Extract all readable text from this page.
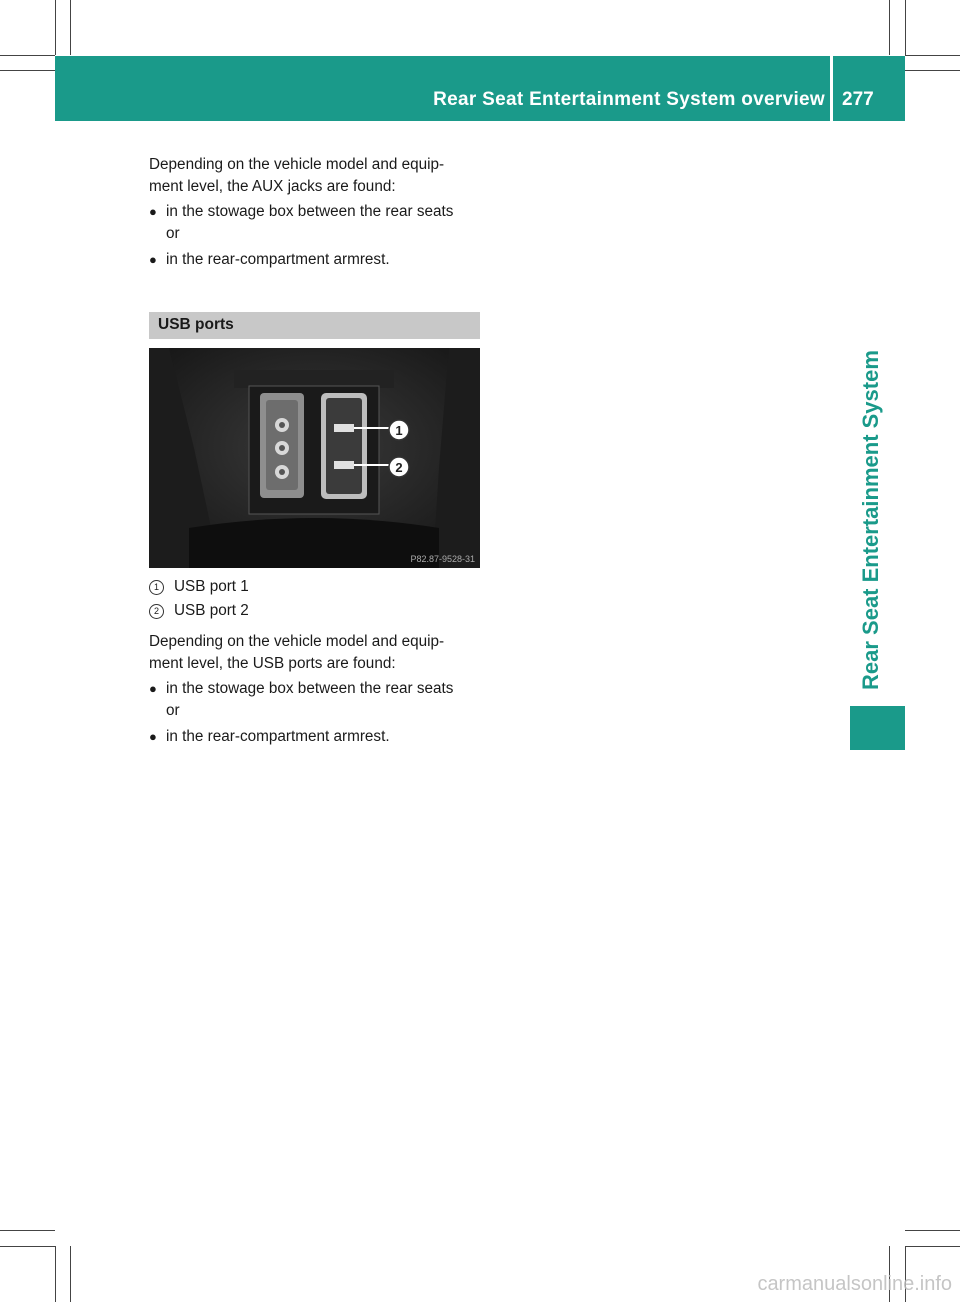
Rear Seat Entertainment System overview 277
Rear Seat Entertainment System

Depending on the vehicle model and equip-

ment level, the AUX jacks are found:

● in the stowage box between the rear seats

or

● in the rear-compartment armrest.

USB ports
1
2
P82.87-9528-31
1 USB port 1
2 USB port 2

Depending on the vehicle model and equip-

ment level, the USB ports are found:

● in the stowage box between the rear seats

or

● in the rear-compartment armrest.

carmanualsonline.info
